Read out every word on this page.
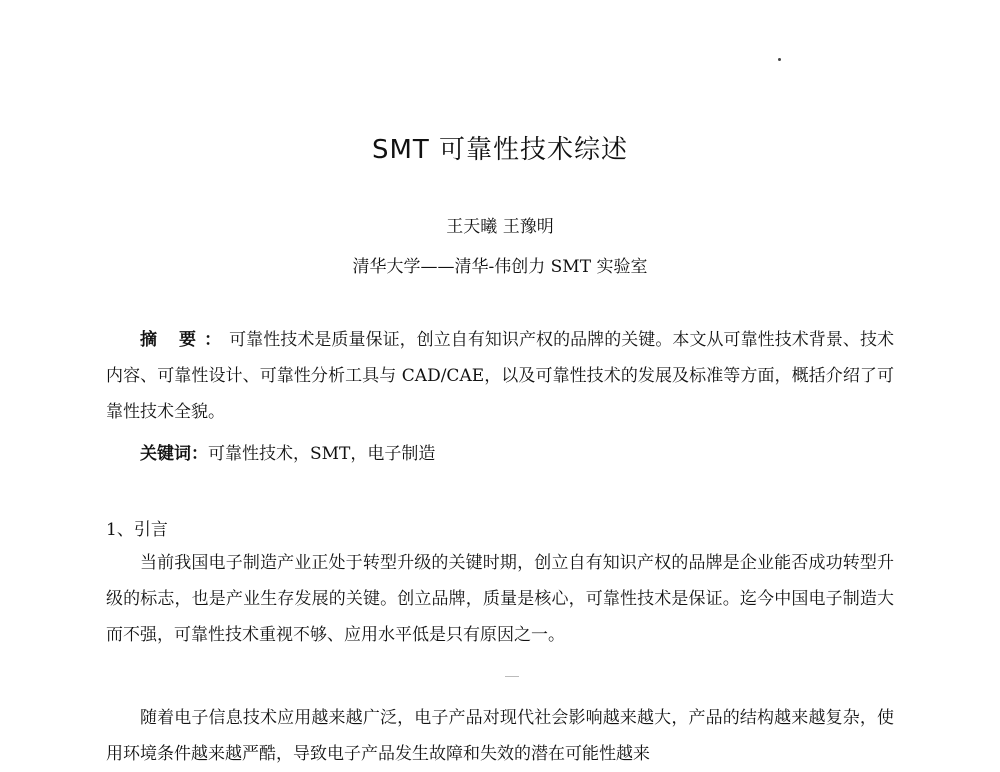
SMT 可靠性技术综述
王天曦 王豫明
清华大学——清华-伟创力 SMT 实验室
摘 要：可靠性技术是质量保证，创立自有知识产权的品牌的关键。本文从可靠性技术背景、技术内容、可靠性设计、可靠性分析工具与 CAD/CAE，以及可靠性技术的发展及标准等方面，概括介绍了可靠性技术全貌。
关键词：可靠性技术，SMT，电子制造
1、引言
当前我国电子制造产业正处于转型升级的关键时期，创立自有知识产权的品牌是企业能否成功转型升级的标志，也是产业生存发展的关键。创立品牌，质量是核心，可靠性技术是保证。迄今中国电子制造大而不强，可靠性技术重视不够、应用水平低是只有原因之一。
随着电子信息技术应用越来越广泛，电子产品对现代社会影响越来越大，产品的结构越来越复杂，使用环境条件越来越严酷，导致电子产品发生故障和失效的潜在可能性越来
